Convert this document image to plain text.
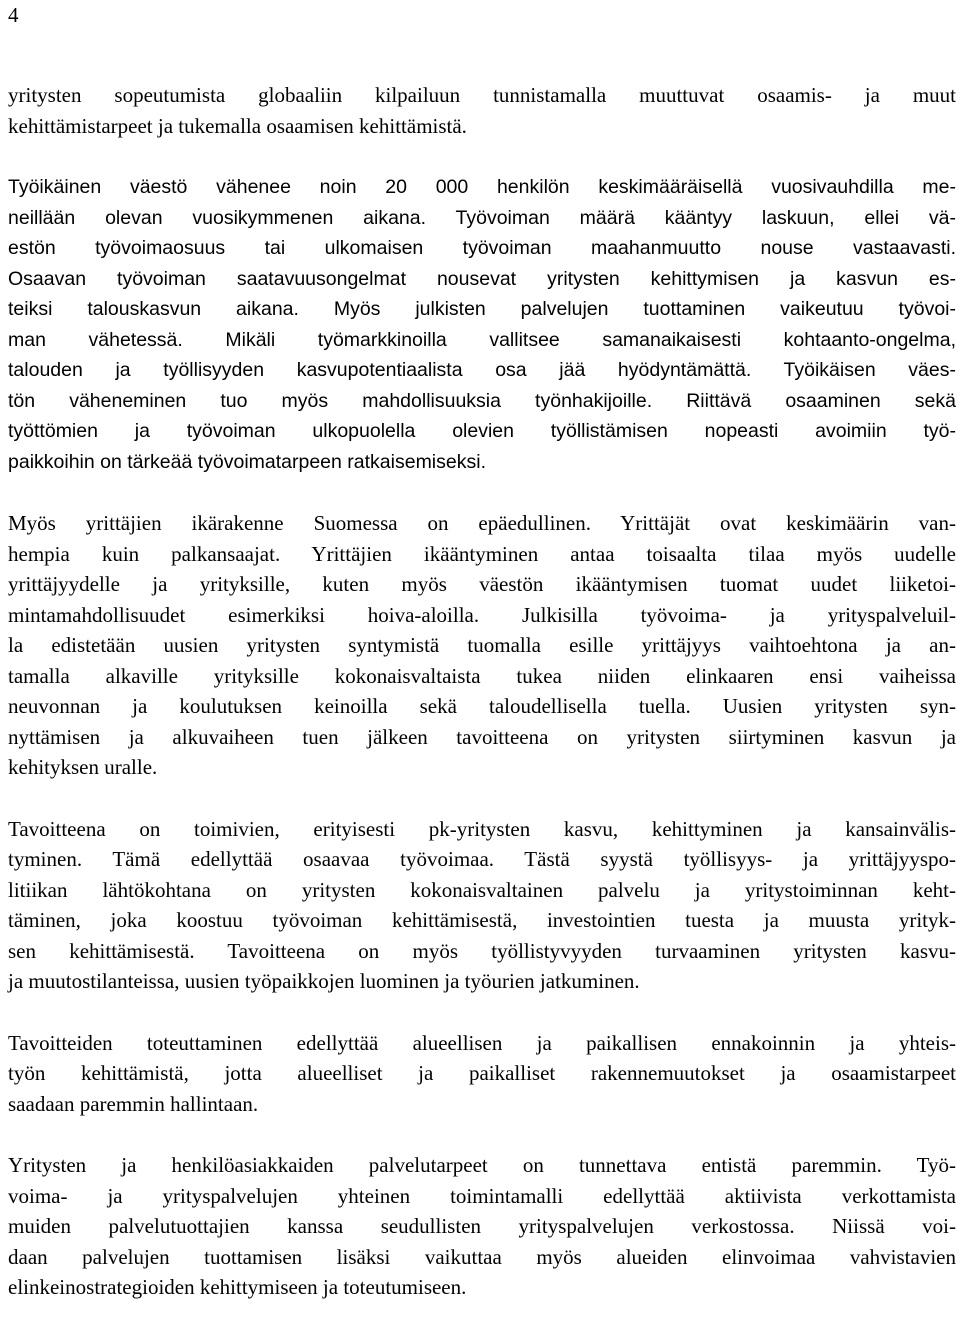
4
yritysten sopeutumista globaaliin kilpailuun tunnistamalla muuttuvat osaamis- ja muut
kehittämistarpeet ja tukemalla osaamisen kehittämistä.
Työikäinen väestö vähenee noin 20 000 henkilön keskimääräisellä vuosivauhdilla me-
neillään olevan vuosikymmenen aikana. Työvoiman määrä kääntyy laskuun, ellei vä-
estön työvoimaosuus tai ulkomaisen työvoiman maahanmuutto nouse vastaavasti.
Osaavan työvoiman saatavuusongelmat nousevat yritysten kehittymisen ja kasvun es-
teiksi talouskasvun aikana. Myös julkisten palvelujen tuottaminen vaikeutuu työvoi-
man vähetessä. Mikäli työmarkkinoilla vallitsee samanaikaisesti kohtaanto-ongelma,
talouden ja työllisyyden kasvupotentiaalista osa jää hyödyntämättä. Työikäisen väes-
tön väheneminen tuo myös mahdollisuuksia työnhakijoille. Riittävä osaaminen sekä
työttömien ja työvoiman ulkopuolella olevien työllistämisen nopeasti avoimiin työ-
paikkoihin on tärkeää työvoimatarpeen ratkaisemiseksi.
Myös yrittäjien ikärakenne Suomessa on epäedullinen. Yrittäjät ovat keskimäärin van-
hempia kuin palkansaajat. Yrittäjien ikääntyminen antaa toisaalta tilaa myös uudelle
yrittäjyydelle ja yrityksille, kuten myös väestön ikääntymisen tuomat uudet liiketoi-
mintamahdollisuudet esimerkiksi hoiva-aloilla. Julkisilla työvoima- ja yrityspalveluil-
la edistetään uusien yritysten syntymistä tuomalla esille yrittäjyys vaihtoehtona ja an-
tamalla alkaville yrityksille kokonaisvaltaista tukea niiden elinkaaren ensi vaiheissa
neuvonnan ja koulutuksen keinoilla sekä taloudellisella tuella. Uusien yritysten syn-
nyttämisen ja alkuvaiheen tuen jälkeen tavoitteena on yritysten siirtyminen kasvun ja
kehityksen uralle.
Tavoitteena on toimivien, erityisesti pk-yritysten kasvu, kehittyminen ja kansainvälis-
tyminen. Tämä edellyttää osaavaa työvoimaa. Tästä syystä työllisyys- ja yrittäjyyspo-
litiikan lähtökohtana on yritysten kokonaisvaltainen palvelu ja yritystoiminnan keht-
täminen, joka koostuu työvoiman kehittämisestä, investointien tuesta ja muusta yrityk-
sen kehittämisestä. Tavoitteena on myös työllistyvyyden turvaaminen yritysten kasvu-
ja muutostilanteissa, uusien työpaikkojen luominen ja työurien jatkuminen.
Tavoitteiden toteuttaminen edellyttää alueellisen ja paikallisen ennakoinnin ja yhteis-
työn kehittämistä, jotta alueelliset ja paikalliset rakennemuutokset ja osaamistarpeet
saadaan paremmin hallintaan.
Yritysten ja henkilöasiakkaiden palvelutarpeet on tunnettava entistä paremmin. Työ-
voima- ja yrityspalvelujen yhteinen toimintamalli edellyttää aktiivista verkottamista
muiden palvelutuottajien kanssa seudullisten yrityspalvelujen verkostossa. Niissä voi-
daan palvelujen tuottamisen lisäksi vaikuttaa myös alueiden elinvoimaa vahvistavien
elinkeinostrategioiden kehittymiseen ja toteutumiseen.
